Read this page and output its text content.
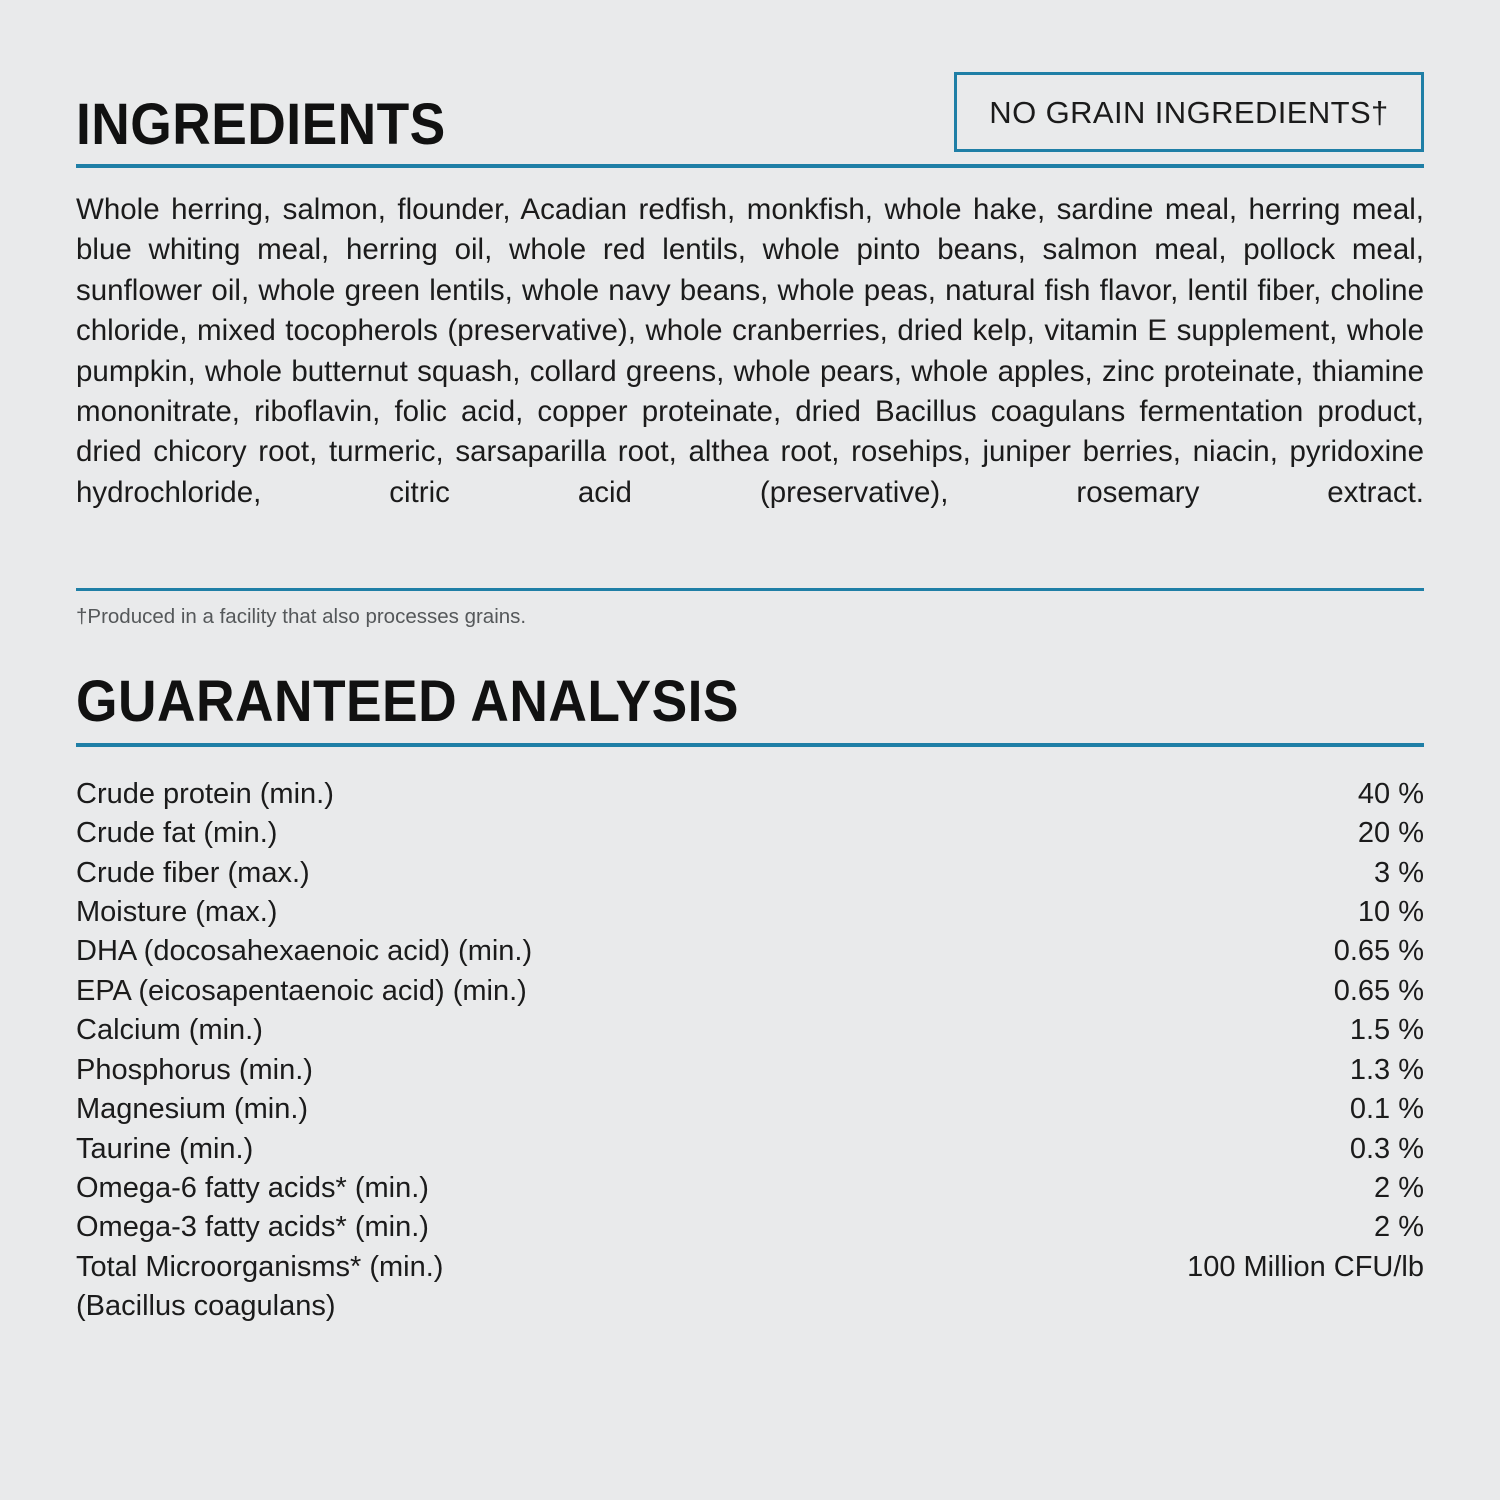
INGREDIENTS	NO GRAIN INGREDIENTS†
Whole herring, salmon, flounder, Acadian redfish, monkfish, whole hake, sardine meal, herring meal, blue whiting meal, herring oil, whole red lentils, whole pinto beans, salmon meal, pollock meal, sunflower oil, whole green lentils, whole navy beans, whole peas, natural fish flavor, lentil fiber, choline chloride, mixed tocopherols (preservative), whole cranberries, dried kelp, vitamin E supplement, whole pumpkin, whole butternut squash, collard greens, whole pears, whole apples, zinc proteinate, thiamine mononitrate, riboflavin, folic acid, copper proteinate, dried Bacillus coagulans fermentation product, dried chicory root, turmeric, sarsaparilla root, althea root, rosehips, juniper berries, niacin, pyridoxine hydrochloride, citric acid (preservative), rosemary extract.
†Produced in a facility that also processes grains.
GUARANTEED ANALYSIS
Crude protein (min.)	40 %
Crude fat (min.)	20 %
Crude fiber (max.)	3 %
Moisture (max.)	10 %
DHA (docosahexaenoic acid) (min.)	0.65 %
EPA (eicosapentaenoic acid) (min.)	0.65 %
Calcium (min.)	1.5 %
Phosphorus (min.)	1.3 %
Magnesium (min.)	0.1 %
Taurine (min.)	0.3 %
Omega-6 fatty acids* (min.)	2 %
Omega-3 fatty acids* (min.)	2 %
Total Microorganisms* (min.)	100 Million CFU/lb
(Bacillus coagulans)
